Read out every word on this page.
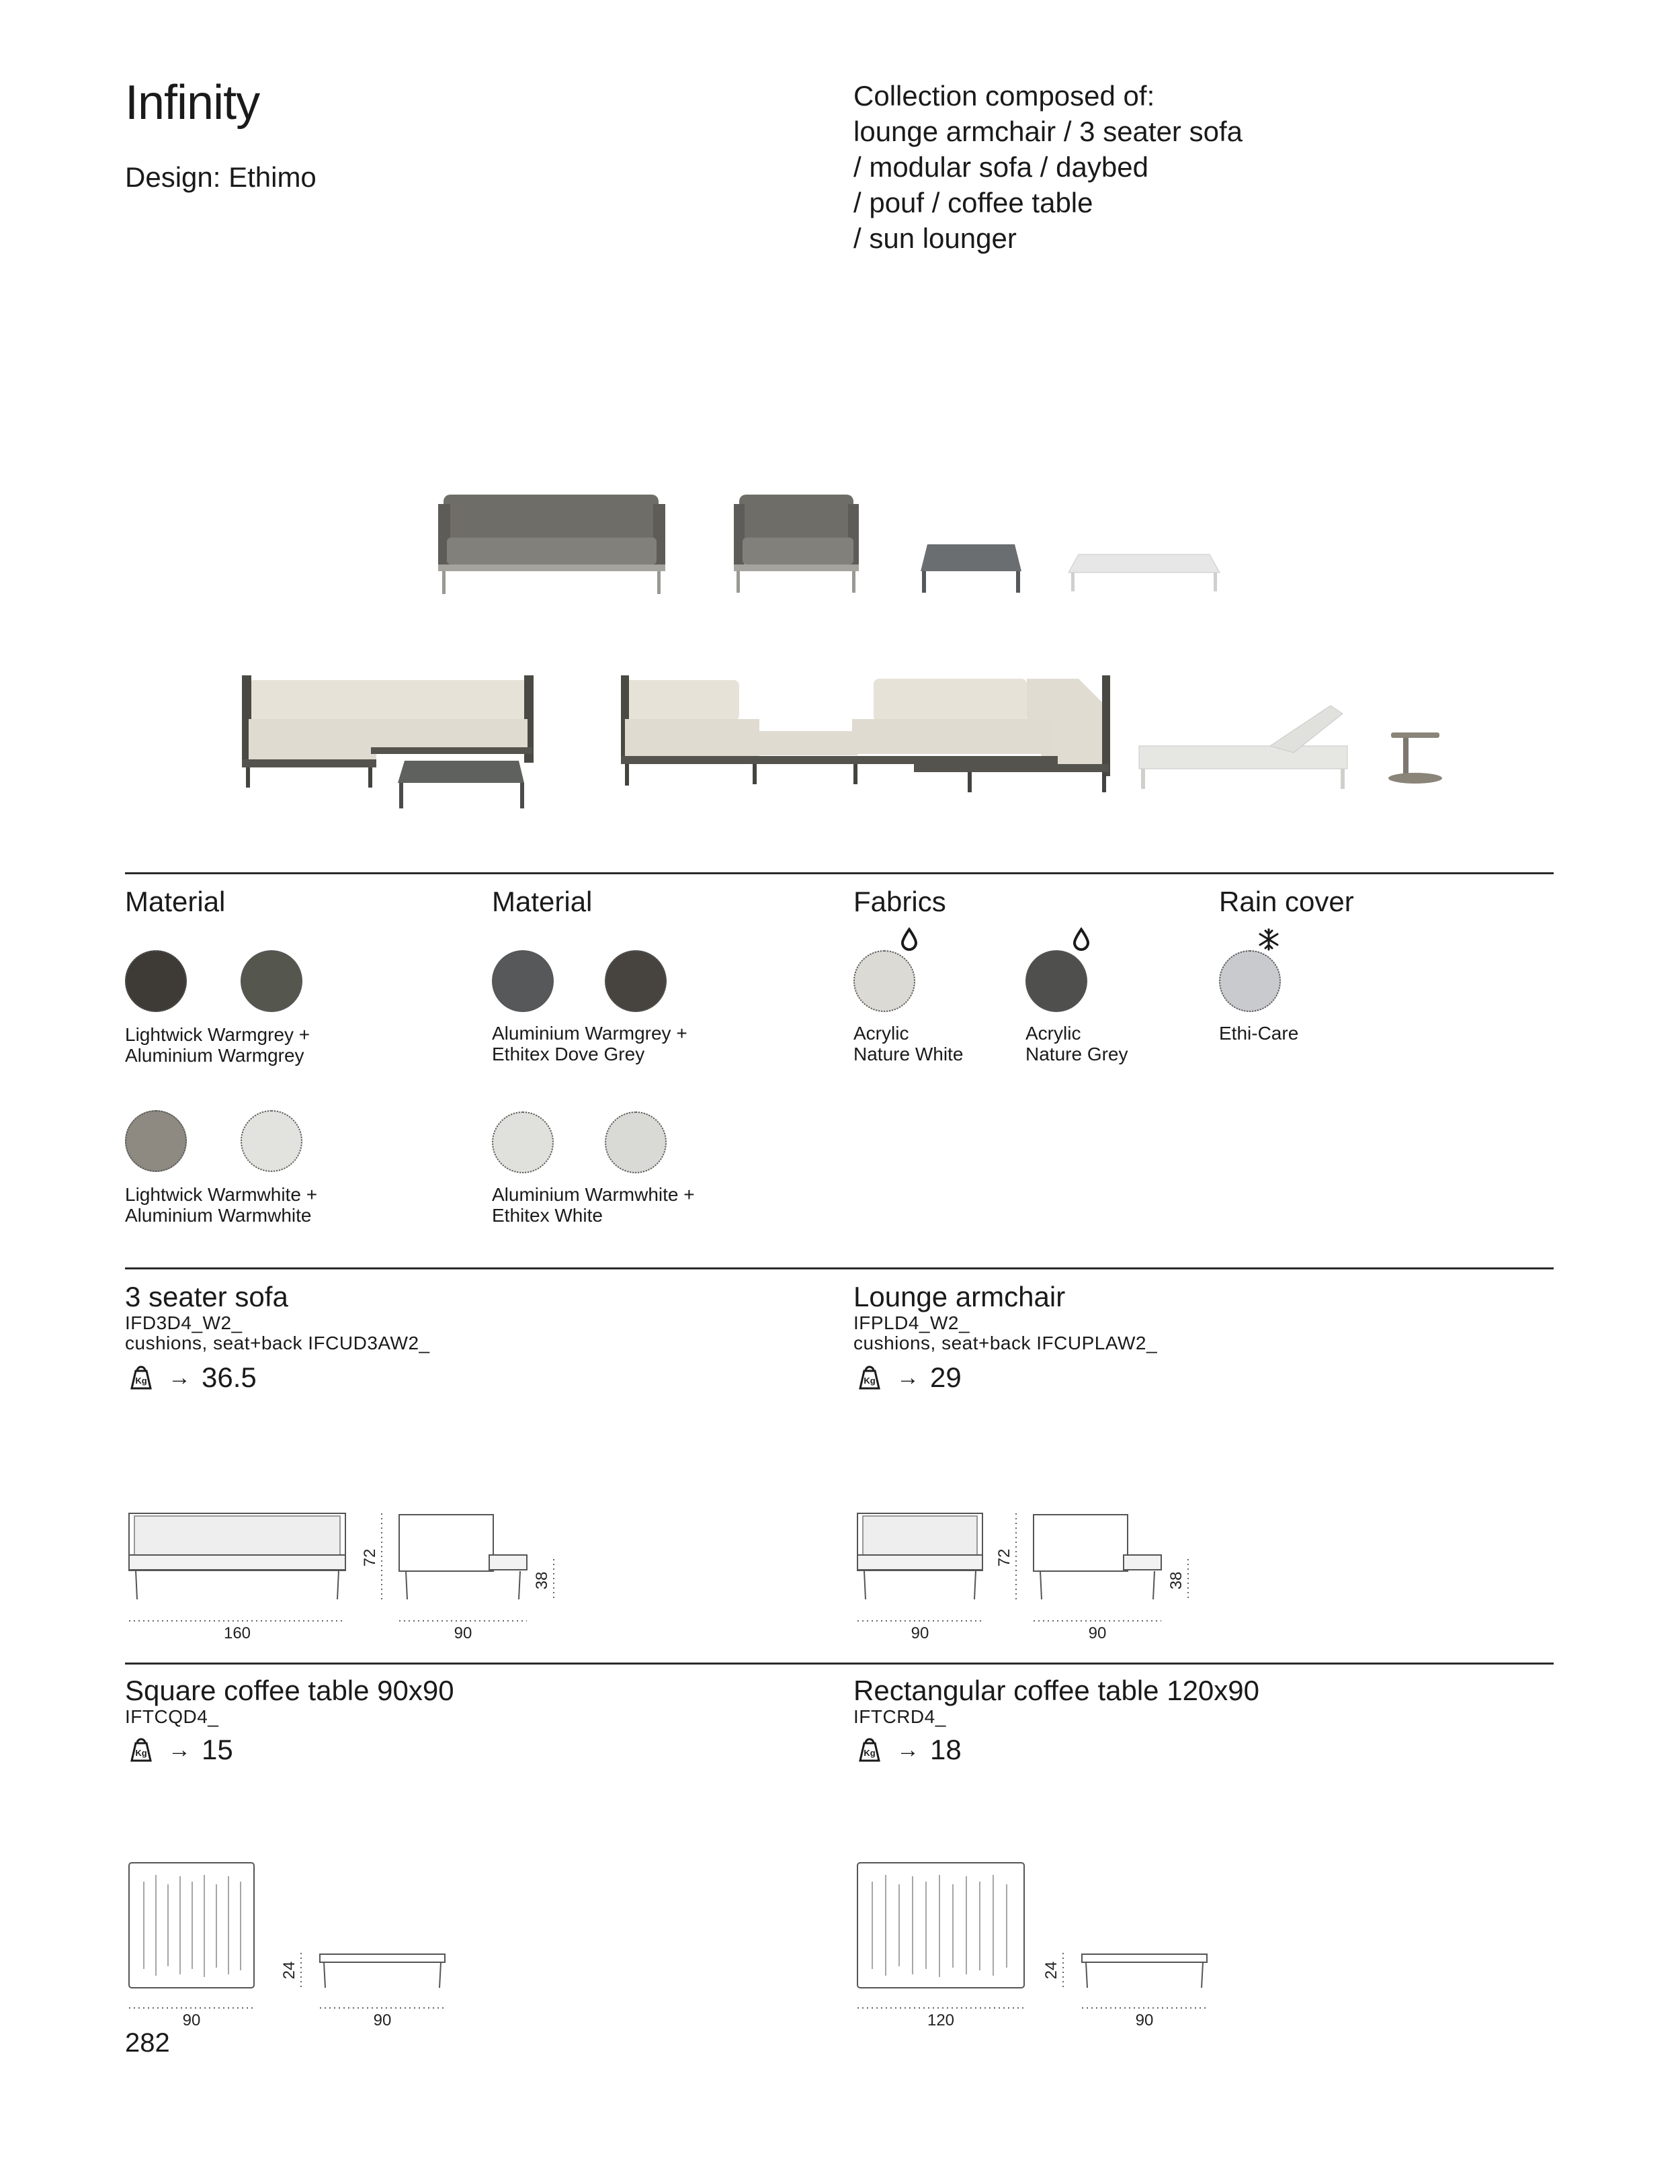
Infinity
Design: Ethimo
Collection composed of:
lounge armchair / 3 seater sofa
/ modular sofa / daybed
/ pouf / coffee table
/ sun lounger
Material
Lightwick Warmgrey +
Aluminium Warmgrey
Lightwick Warmwhite +
Aluminium Warmwhite
Material
Aluminium Warmgrey +
Ethitex Dove Grey
Aluminium Warmwhite +
Ethitex White
Fabrics
Acrylic
Nature White
Acrylic
Nature Grey
Rain cover
Ethi-Care
3 seater sofa
IFD3D4_W2_
cushions, seat+back IFCUD3AW2_
Kg → 36.5
160	90
72
38
Lounge armchair
IFPLD4_W2_
cushions, seat+back IFCUPLAW2_
Kg → 29
90	90
72
38
Square coffee table 90x90
IFTCQD4_
Kg → 15
90	90
24
Rectangular coffee table 120x90
IFTCRD4_
Kg → 18
120	90
24
282
